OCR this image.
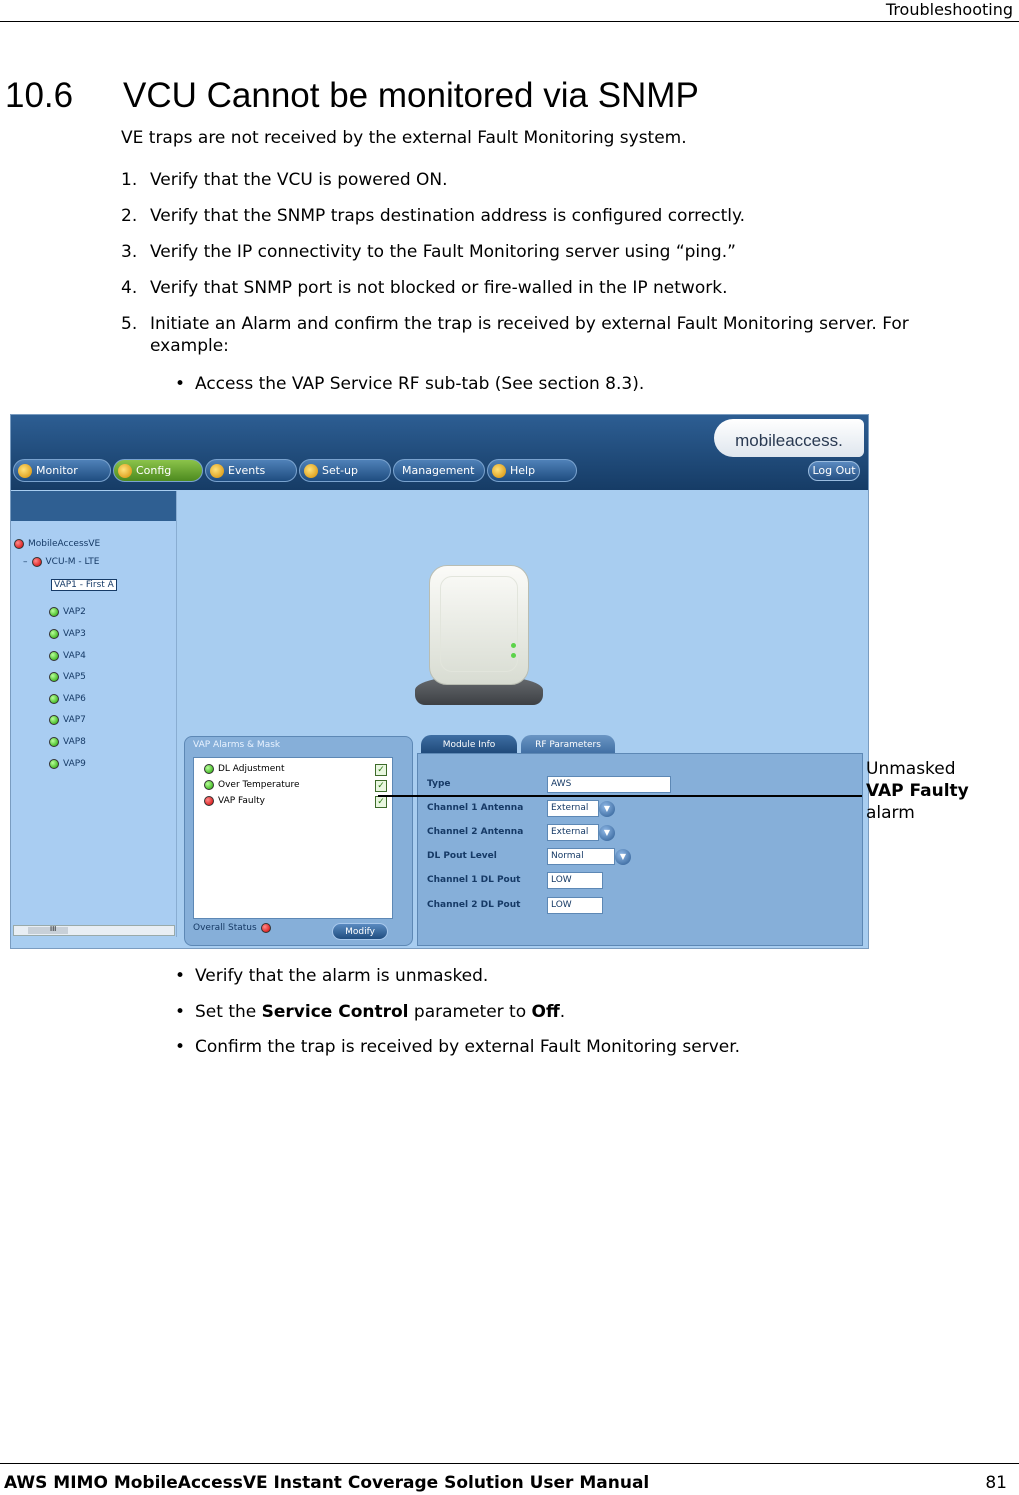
Troubleshooting
10.6 VCU Cannot be monitored via SNMP

VE traps are not received by the external Fault Monitoring system.

1. Verify that the VCU is powered ON.
2. Verify that the SNMP traps destination address is configured correctly.
3. Verify the IP connectivity to the Fault Monitoring server using “ping.”
4. Verify that SNMP port is not blocked or fire-walled in the IP network.
5. Initiate an Alarm and confirm the trap is received by external Fault Monitoring server. For example:
• Access the VAP Service RF sub-tab (See section 8.3).
mobileaccess.
Monitor	Config	Events	Set-up	Management	Help	Log Out
MobileAccessVE
– VCU-M - LTE
VAP1 - First A
VAP2
VAP3
VAP4
VAP5
VAP6
VAP7
VAP8
VAP9
III
VAP Alarms & Mask
DL Adjustment	✓
Over Temperature	✓
VAP Faulty	✓
Overall Status	Modify
Module Info	RF Parameters
Type	AWS
Channel 1 Antenna	External	▼
Channel 2 Antenna	External	▼
DL Pout Level	Normal	▼
Channel 1 DL Pout	LOW
Channel 2 DL Pout	LOW
Unmasked
VAP Faulty
alarm
• Verify that the alarm is unmasked.
• Set the Service Control parameter to Off.
• Confirm the trap is received by external Fault Monitoring server.
AWS MIMO MobileAccessVE Instant Coverage Solution User Manual	81
